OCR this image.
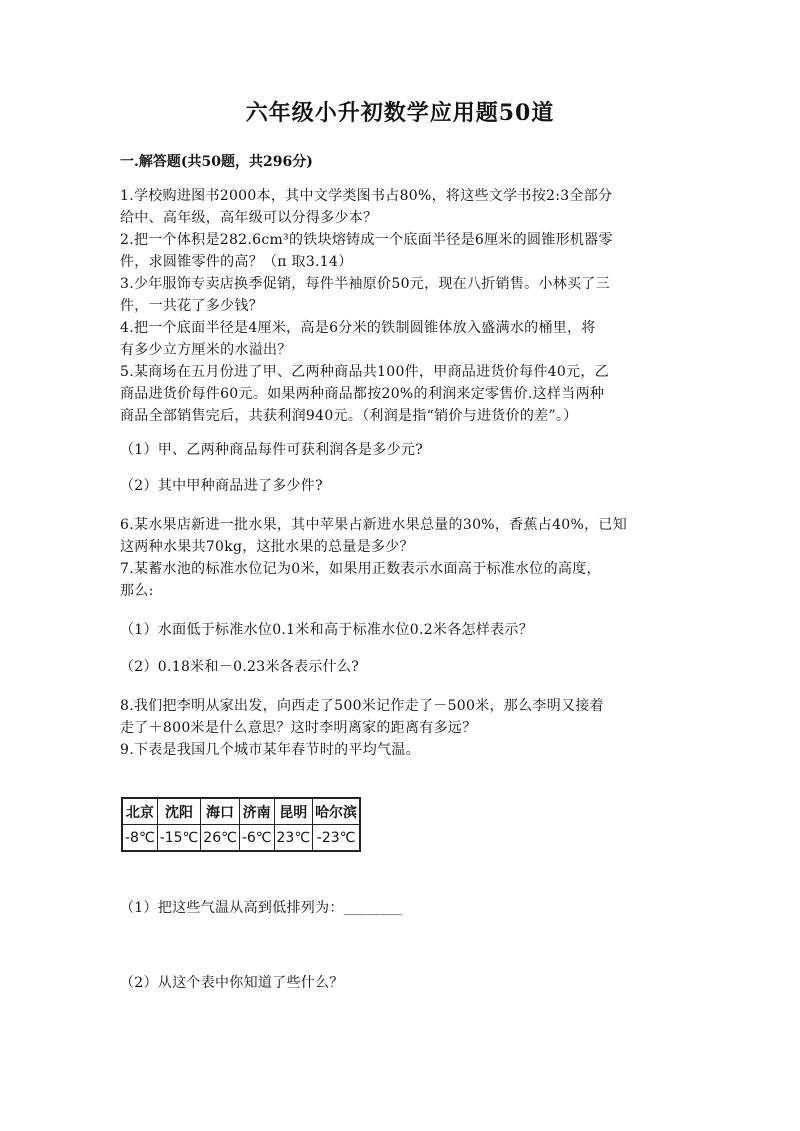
六年级小升初数学应用题50道
一.解答题(共50题，共296分)
1.学校购进图书2000本，其中文学类图书占80%，将这些文学书按2:3全部分
给中、高年级，高年级可以分得多少本？
2.把一个体积是282.6cm³的铁块熔铸成一个底面半径是6厘米的圆锥形机器零
件，求圆锥零件的高？（π 取3.14）
3.少年服饰专卖店换季促销，每件半袖原价50元，现在八折销售。小林买了三
件，一共花了多少钱？
4.把一个底面半径是4厘米，高是6分米的铁制圆锥体放入盛满水的桶里，将
有多少立方厘米的水溢出？
5.某商场在五月份进了甲、乙两种商品共100件，甲商品进货价每件40元，乙
商品进货价每件60元。如果两种商品都按20%的利润来定零售价.这样当两种
商品全部销售完后，共获利润940元。（利润是指“销价与进货价的差”。）
（1）甲、乙两种商品每件可获利润各是多少元?
（2）其中甲种商品进了多少件?
6.某水果店新进一批水果，其中苹果占新进水果总量的30%，香蕉占40%，已知
这两种水果共70kg，这批水果的总量是多少？
7.某蓄水池的标准水位记为0米，如果用正数表示水面高于标准水位的高度，
那么:
（1）水面低于标准水位0.1米和高于标准水位0.2米各怎样表示？
（2）0.18米和－0.23米各表示什么?
8.我们把李明从家出发，向西走了500米记作走了－500米，那么李明又接着
走了＋800米是什么意思？这时李明离家的距离有多远？
9.下表是我国几个城市某年春节时的平均气温。
北京	沈阳	海口	济南	昆明	哈尔滨
-8℃	-15℃	26℃	-6℃	23℃	-23℃
（1）把这些气温从高到低排列为：________
（2）从这个表中你知道了些什么？
